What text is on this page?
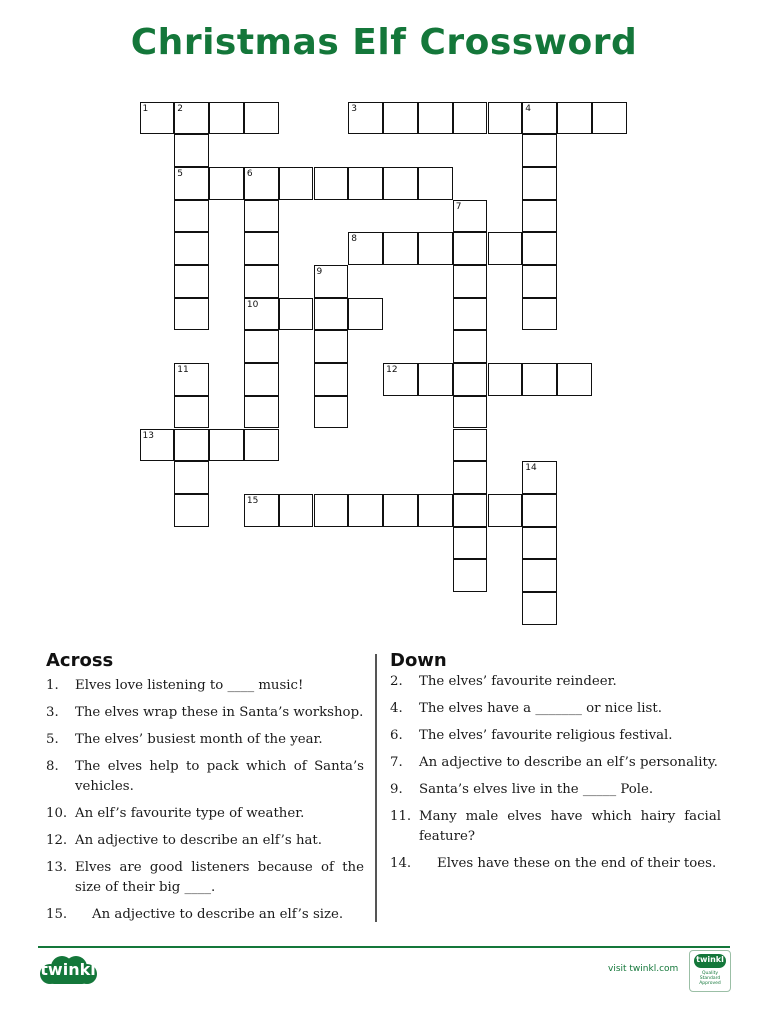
Christmas Elf Crossword
1	2	3	4
5	6
7
8
9
10
11	12
13
14
15
Across	Down
1. Elves love listening to ____ music!
3. The elves wrap these in Santa’s workshop.
5. The elves’ busiest month of the year.
8. The elves help to pack which of Santa’s vehicles.
10. An elf’s favourite type of weather.
12. An adjective to describe an elf’s hat.
13. Elves are good listeners because of the size of their big ____.
15. An adjective to describe an elf’s size.
2. The elves’ favourite reindeer.
4. The elves have a _______ or nice list.
6. The elves’ favourite religious festival.
7. An adjective to describe an elf’s personality.
9. Santa’s elves live in the _____ Pole.
11. Many male elves have which hairy facial feature?
14. Elves have these on the end of their toes.
twinkl	visit twinkl.com
twinkl
Quality Standard Approved
